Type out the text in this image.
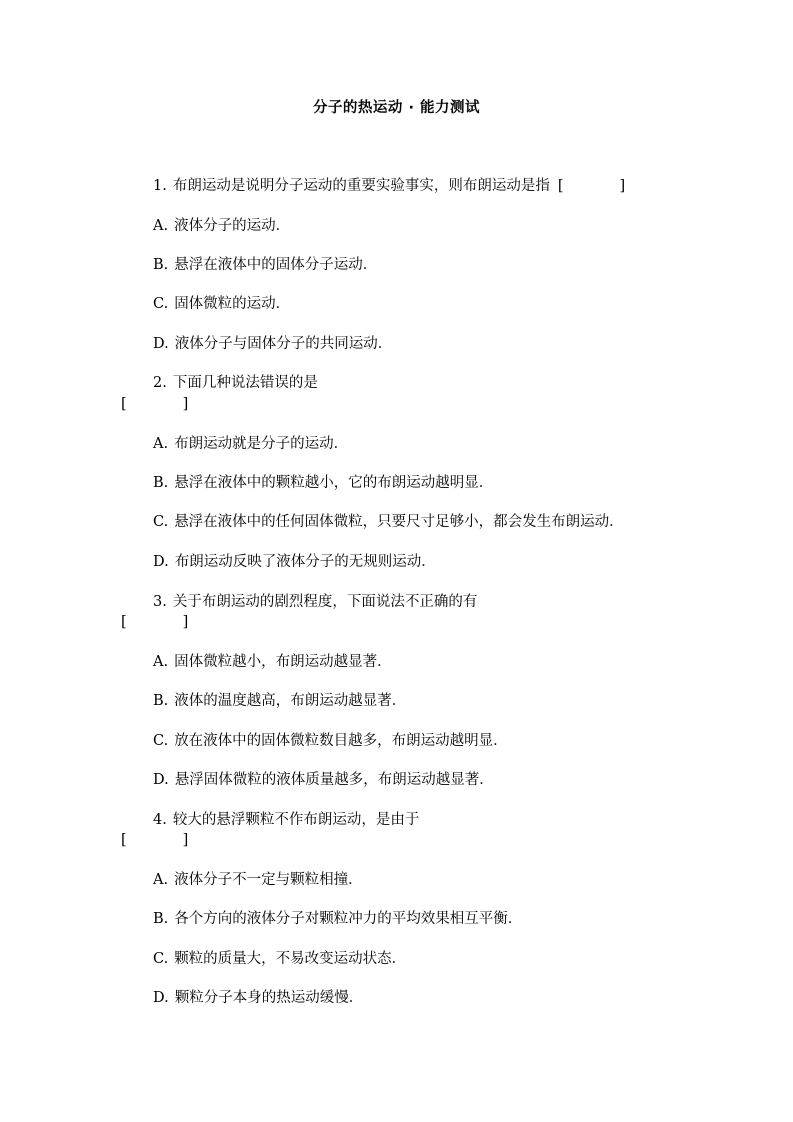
分子的热运动 · 能力测试
1. 布朗运动是说明分子运动的重要实验事实，则布朗运动是指 [	]
A. 液体分子的运动．
B. 悬浮在液体中的固体分子运动．
C. 固体微粒的运动．
D. 液体分子与固体分子的共同运动．
2. 下面几种说法错误的是
[	]
A. 布朗运动就是分子的运动．
B. 悬浮在液体中的颗粒越小，它的布朗运动越明显．
C. 悬浮在液体中的任何固体微粒，只要尺寸足够小，都会发生布朗运动．
D. 布朗运动反映了液体分子的无规则运动．
3. 关于布朗运动的剧烈程度，下面说法不正确的有
[	]
A. 固体微粒越小，布朗运动越显著．
B. 液体的温度越高，布朗运动越显著．
C. 放在液体中的固体微粒数目越多，布朗运动越明显．
D. 悬浮固体微粒的液体质量越多，布朗运动越显著．
4. 较大的悬浮颗粒不作布朗运动，是由于
[	]
A. 液体分子不一定与颗粒相撞．
B. 各个方向的液体分子对颗粒冲力的平均效果相互平衡．
C. 颗粒的质量大，不易改变运动状态．
D. 颗粒分子本身的热运动缓慢．
